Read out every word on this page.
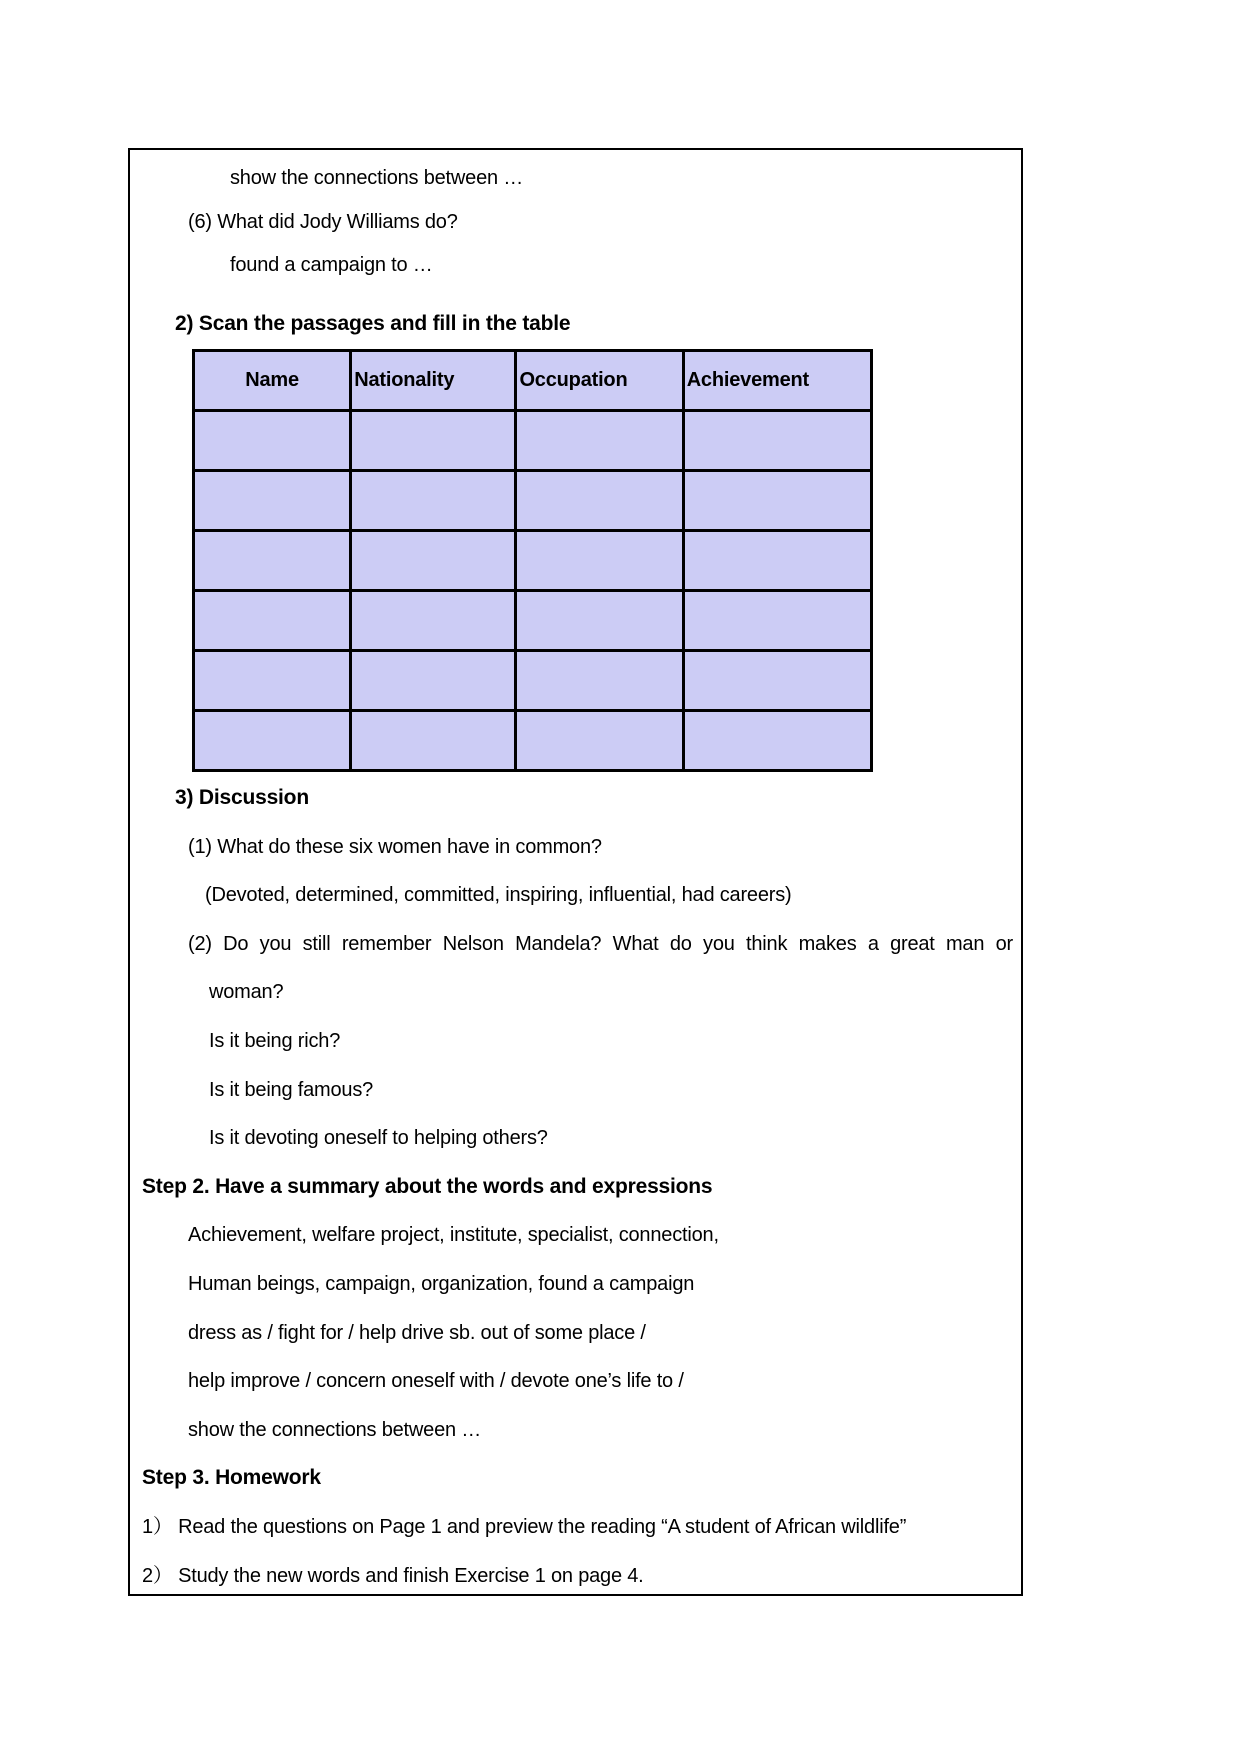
show the connections between …
(6) What did Jody Williams do?
found a campaign to …
2) Scan the passages and fill in the table
Name	Nationality	Occupation	Achievement

3) Discussion
(1) What do these six women have in common?
(Devoted, determined, committed, inspiring, influential, had careers)
(2) Do you still remember Nelson Mandela? What do you think makes a great man or
woman?
Is it being rich?
Is it being famous?
Is it devoting oneself to helping others?
Step 2. Have a summary about the words and expressions
Achievement, welfare project, institute, specialist, connection,
Human beings, campaign, organization, found a campaign
dress as / fight for / help drive sb. out of some place /
help improve / concern oneself with / devote one’s life to /
show the connections between …
Step 3. Homework
1） Read the questions on Page 1 and preview the reading “A student of African wildlife”
2） Study the new words and finish Exercise 1 on page 4.
